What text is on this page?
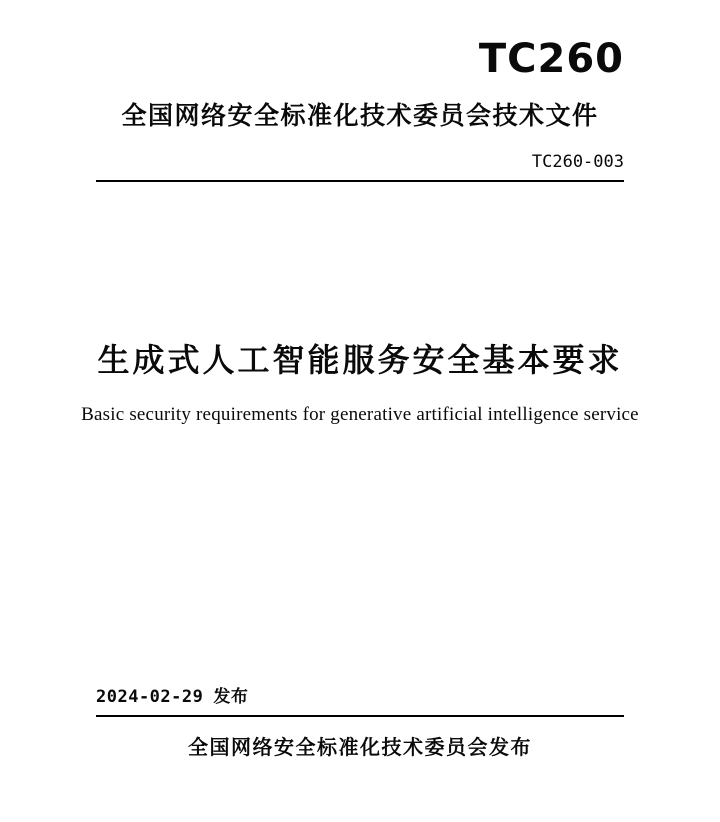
TC260
全国网络安全标准化技术委员会技术文件
TC260-003
生成式人工智能服务安全基本要求
Basic security requirements for generative artificial intelligence service
2024-02-29 发布
全国网络安全标准化技术委员会发布
